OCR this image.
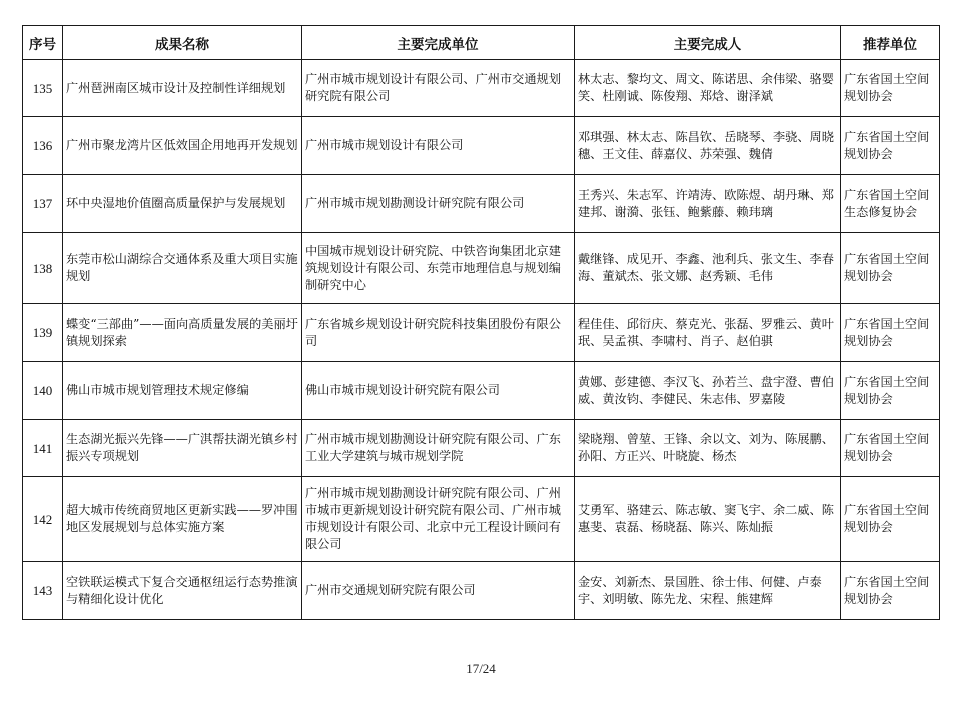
序号	成果名称	主要完成单位	主要完成人	推荐单位
135	广州琶洲南区城市设计及控制性详细规划	广州市城市规划设计有限公司、广州市交通规划研究院有限公司	林太志、黎均文、周文、陈诺思、余伟梁、骆婴笑、杜刚诚、陈俊翔、郑焓、谢泽斌	广东省国土空间规划协会
136	广州市聚龙湾片区低效国企用地再开发规划	广州市城市规划设计有限公司	邓琪强、林太志、陈昌钦、岳晓琴、李骁、周晓穗、王文佳、薛嘉仪、苏荣强、魏倩	广东省国土空间规划协会
137	环中央湿地价值圈高质量保护与发展规划	广州市城市规划勘测设计研究院有限公司	王秀兴、朱志军、许靖涛、欧陈煜、胡丹琳、郑建邦、谢漪、张钰、鲍紫藤、赖玮璃	广东省国土空间生态修复协会
138	东莞市松山湖综合交通体系及重大项目实施规划	中国城市规划设计研究院、中铁咨询集团北京建筑规划设计有限公司、东莞市地理信息与规划编制研究中心	戴继锋、成见开、李鑫、池利兵、张文生、李春海、董斌杰、张文娜、赵秀颖、毛伟	广东省国土空间规划协会
139	蝶变“三部曲”——面向高质量发展的美丽圩镇规划探索	广东省城乡规划设计研究院科技集团股份有限公司	程佳佳、邱衍庆、蔡克光、张磊、罗雅云、黄叶珉、吴孟祺、李啸村、肖子、赵伯骐	广东省国土空间规划协会
140	佛山市城市规划管理技术规定修编	佛山市城市规划设计研究院有限公司	黄娜、彭建德、李汉飞、孙若兰、盘宇澄、曹伯威、黄汝钧、李健民、朱志伟、罗嘉陵	广东省国土空间规划协会
141	生态湖光振兴先锋——广淇帮扶湖光镇乡村振兴专项规划	广州市城市规划勘测设计研究院有限公司、广东工业大学建筑与城市规划学院	梁晓翔、曾堃、王锋、余以文、刘为、陈展鹏、孙阳、方正兴、叶晓旋、杨杰	广东省国土空间规划协会
142	超大城市传统商贸地区更新实践——罗冲围地区发展规划与总体实施方案	广州市城市规划勘测设计研究院有限公司、广州市城市更新规划设计研究院有限公司、广州市城市规划设计有限公司、北京中元工程设计顾问有限公司	艾勇军、骆建云、陈志敏、窦飞宇、余二威、陈惠斐、袁磊、杨晓磊、陈兴、陈灿振	广东省国土空间规划协会
143	空铁联运模式下复合交通枢纽运行态势推演与精细化设计优化	广州市交通规划研究院有限公司	金安、刘新杰、景国胜、徐士伟、何健、卢泰宇、刘明敏、陈先龙、宋程、熊建辉	广东省国土空间规划协会
17/24
